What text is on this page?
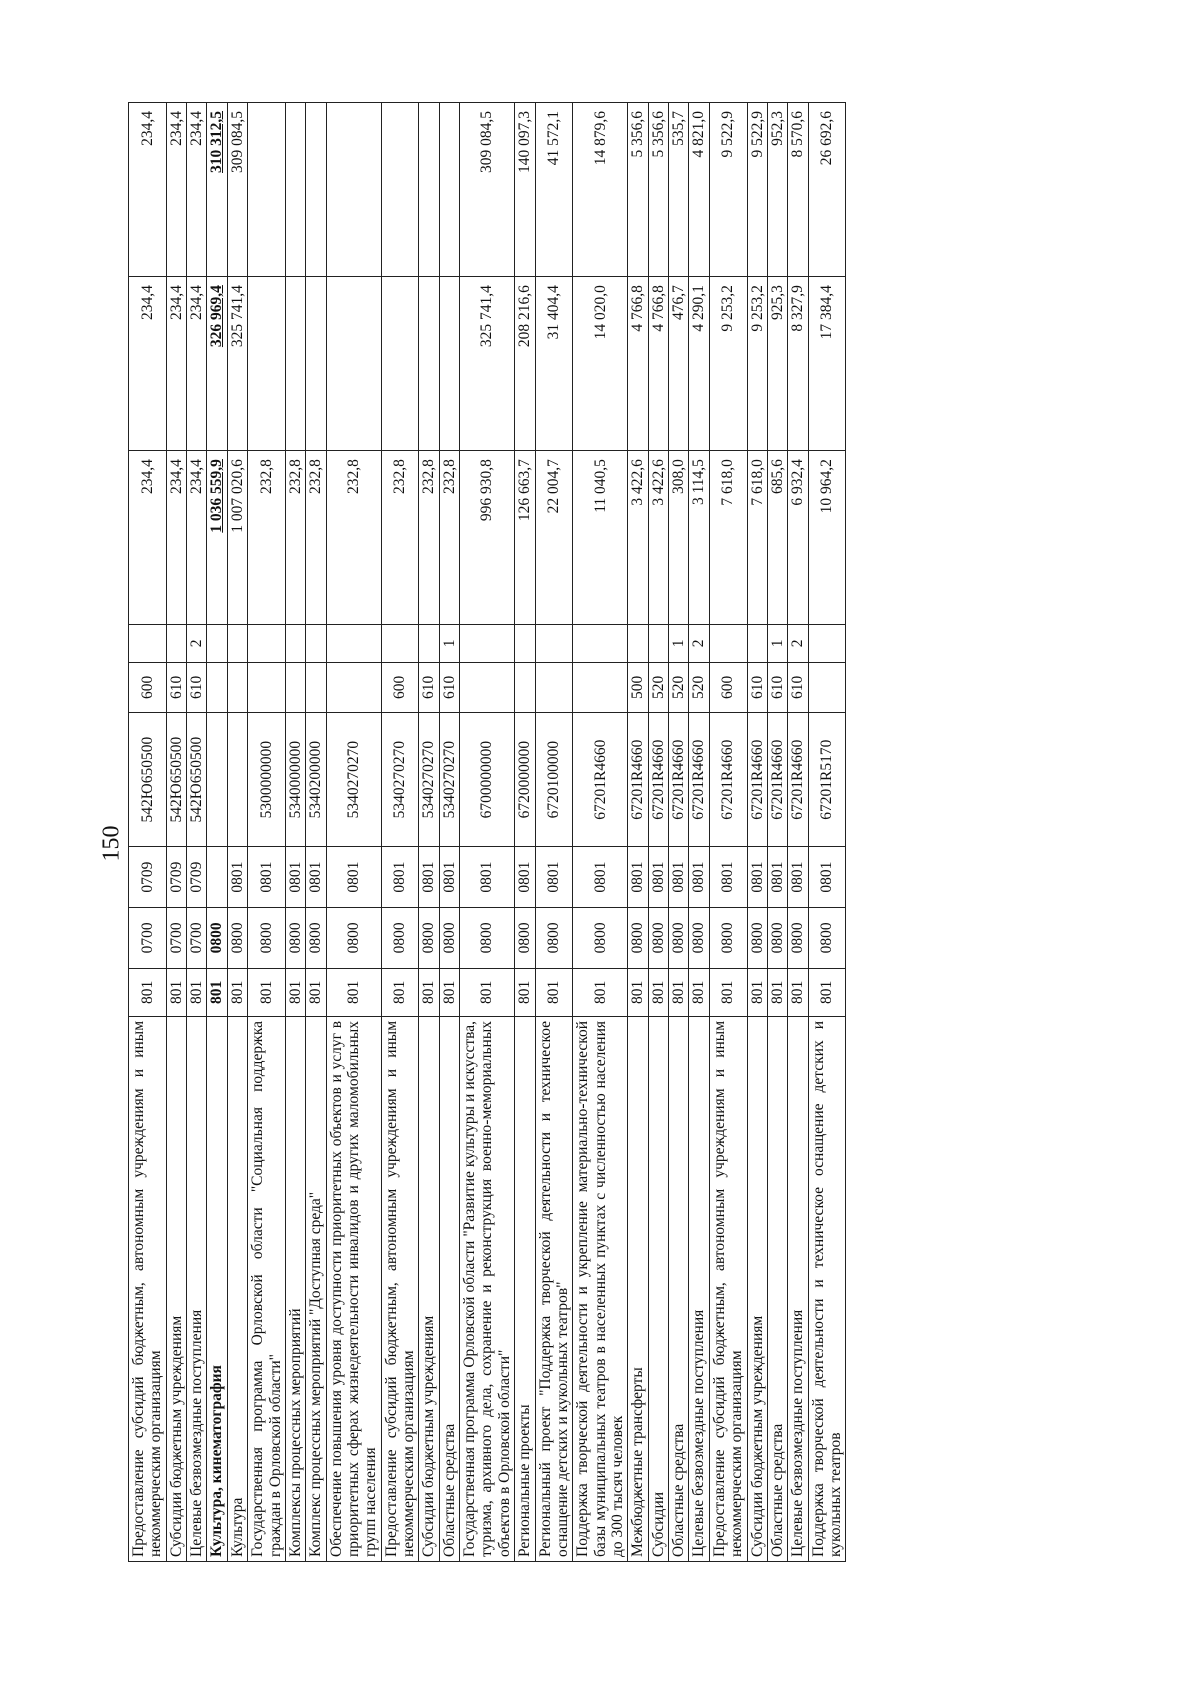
150
Предоставление субсидий бюджетным, автономным учреждениям и иным некоммерческим организациям	801	0700	0709	542Ю650500	600		234,4	234,4	234,4
Субсидии бюджетным учреждениям	801	0700	0709	542Ю650500	610		234,4	234,4	234,4
Целевые безвозмездные поступления	801	0700	0709	542Ю650500	610	2	234,4	234,4	234,4
Культура, кинематография	801	0800					1 036 559,9	326 969,4	310 312,5
Культура	801	0800	0801				1 007 020,6	325 741,4	309 084,5
Государственная программа Орловской области "Социальная поддержка граждан в Орловской области"	801	0800	0801	5300000000			232,8		
Комплексы процессных мероприятий	801	0800	0801	5340000000			232,8		
Комплекс процессных мероприятий "Доступная среда"	801	0800	0801	5340200000			232,8		
Обеспечение повышения уровня доступности приоритетных объектов и услуг в приоритетных сферах жизнедеятельности инвалидов и других маломобильных групп населения	801	0800	0801	5340270270			232,8		
Предоставление субсидий бюджетным, автономным учреждениям и иным некоммерческим организациям	801	0800	0801	5340270270	600		232,8		
Субсидии бюджетным учреждениям	801	0800	0801	5340270270	610		232,8		
Областные средства	801	0800	0801	5340270270	610	1	232,8		
Государственная программа Орловской области "Развитие культуры и искусства, туризма, архивного дела, сохранение и реконструкция военно-мемориальных объектов в Орловской области"	801	0800	0801	6700000000			996 930,8	325 741,4	309 084,5
Региональные проекты	801	0800	0801	6720000000			126 663,7	208 216,6	140 097,3
Региональный проект "Поддержка творческой деятельности и техническое оснащение детских и кукольных театров"	801	0800	0801	6720100000			22 004,7	31 404,4	41 572,1
Поддержка творческой деятельности и укрепление материально-технической базы муниципальных театров в населенных пунктах с численностью населения до 300 тысяч человек	801	0800	0801	67201R4660			11 040,5	14 020,0	14 879,6
Межбюджетные трансферты	801	0800	0801	67201R4660	500		3 422,6	4 766,8	5 356,6
Субсидии	801	0800	0801	67201R4660	520		3 422,6	4 766,8	5 356,6
Областные средства	801	0800	0801	67201R4660	520	1	308,0	476,7	535,7
Целевые безвозмездные поступления	801	0800	0801	67201R4660	520	2	3 114,5	4 290,1	4 821,0
Предоставление субсидий бюджетным, автономным учреждениям и иным некоммерческим организациям	801	0800	0801	67201R4660	600		7 618,0	9 253,2	9 522,9
Субсидии бюджетным учреждениям	801	0800	0801	67201R4660	610		7 618,0	9 253,2	9 522,9
Областные средства	801	0800	0801	67201R4660	610	1	685,6	925,3	952,3
Целевые безвозмездные поступления	801	0800	0801	67201R4660	610	2	6 932,4	8 327,9	8 570,6
Поддержка творческой деятельности и техническое оснащение детских и кукольных театров	801	0800	0801	67201R5170			10 964,2	17 384,4	26 692,6
